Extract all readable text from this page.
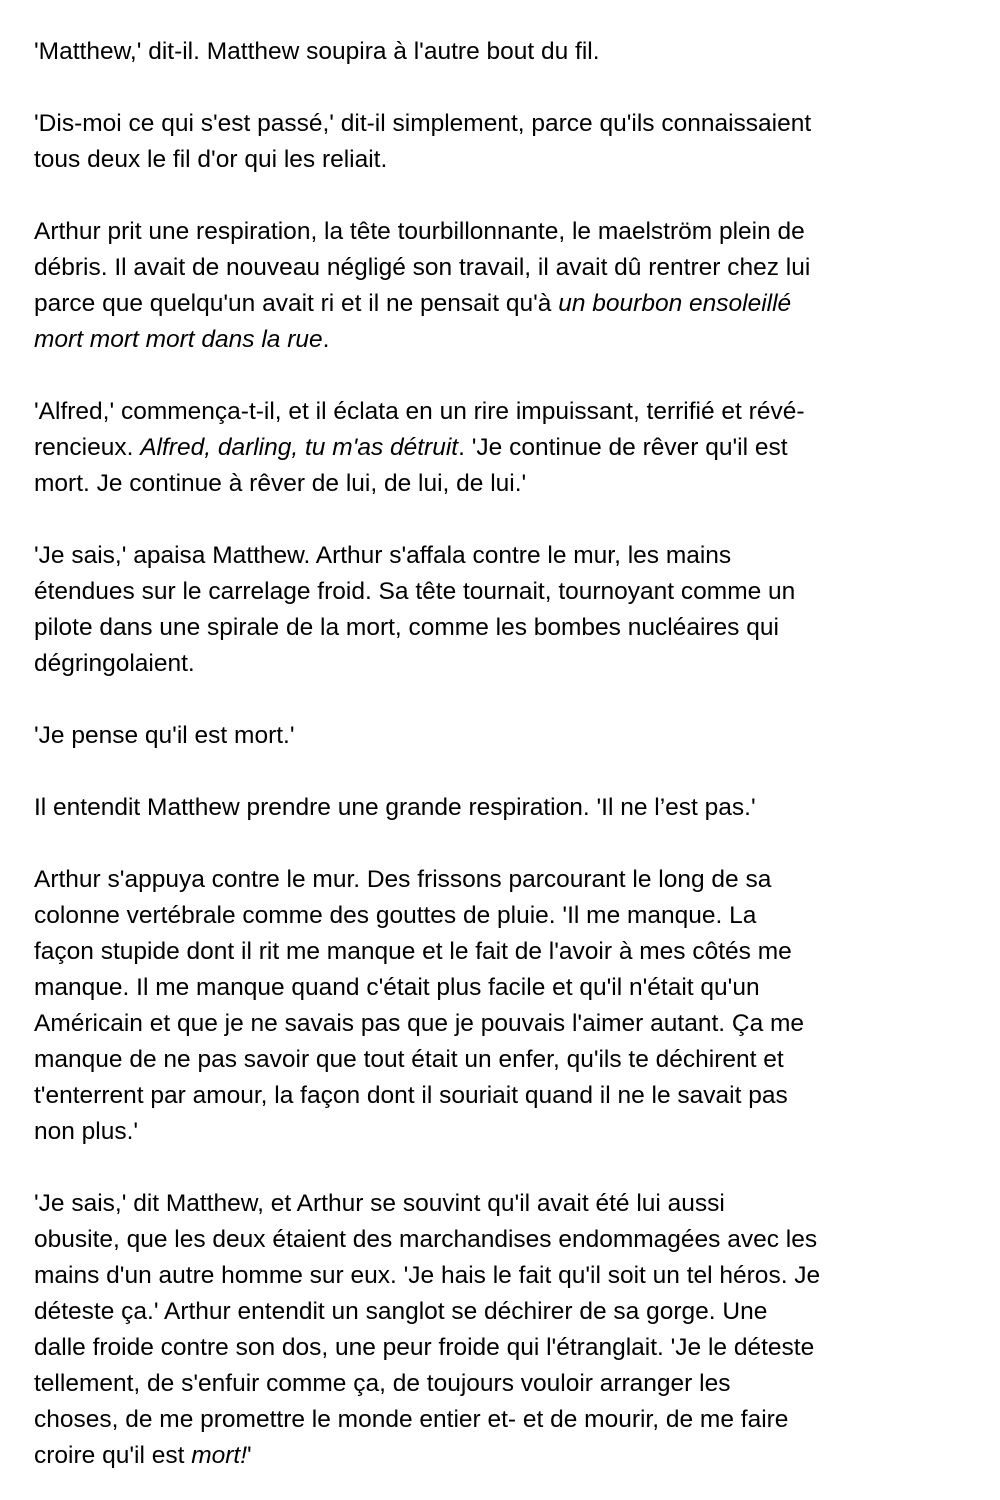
'Matthew,' dit-il. Matthew soupira à l'autre bout du fil.
'Dis-moi ce qui s'est passé,' dit-il simplement, parce qu'ils connaissaient
tous deux le fil d'or qui les reliait.
Arthur prit une respiration, la tête tourbillonnante, le maelström plein de
débris. Il avait de nouveau négligé son travail, il avait dû rentrer chez lui
parce que quelqu'un avait ri et il ne pensait qu'à un bourbon ensoleillé
mort mort mort dans la rue.
'Alfred,' commença-t-il, et il éclata en un rire impuissant, terrifié et révé-
rencieux. Alfred, darling, tu m'as détruit. 'Je continue de rêver qu'il est
mort. Je continue à rêver de lui, de lui, de lui.'
'Je sais,' apaisa Matthew. Arthur s'affala contre le mur, les mains
étendues sur le carrelage froid. Sa tête tournait, tournoyant comme un
pilote dans une spirale de la mort, comme les bombes nucléaires qui
dégringolaient.
'Je pense qu'il est mort.'
Il entendit Matthew prendre une grande respiration. 'Il ne l’est pas.'
Arthur s'appuya contre le mur. Des frissons parcourant le long de sa
colonne vertébrale comme des gouttes de pluie. 'Il me manque. La
façon stupide dont il rit me manque et le fait de l'avoir à mes côtés me
manque. Il me manque quand c'était plus facile et qu'il n'était qu'un
Américain et que je ne savais pas que je pouvais l'aimer autant. Ça me
manque de ne pas savoir que tout était un enfer, qu'ils te déchirent et
t'enterrent par amour, la façon dont il souriait quand il ne le savait pas
non plus.'
'Je sais,' dit Matthew, et Arthur se souvint qu'il avait été lui aussi
obusite, que les deux étaient des marchandises endommagées avec les
mains d'un autre homme sur eux. 'Je hais le fait qu'il soit un tel héros. Je
déteste ça.' Arthur entendit un sanglot se déchirer de sa gorge. Une
dalle froide contre son dos, une peur froide qui l'étranglait. 'Je le déteste
tellement, de s'enfuir comme ça, de toujours vouloir arranger les
choses, de me promettre le monde entier et- et de mourir, de me faire
croire qu'il est mort!'
